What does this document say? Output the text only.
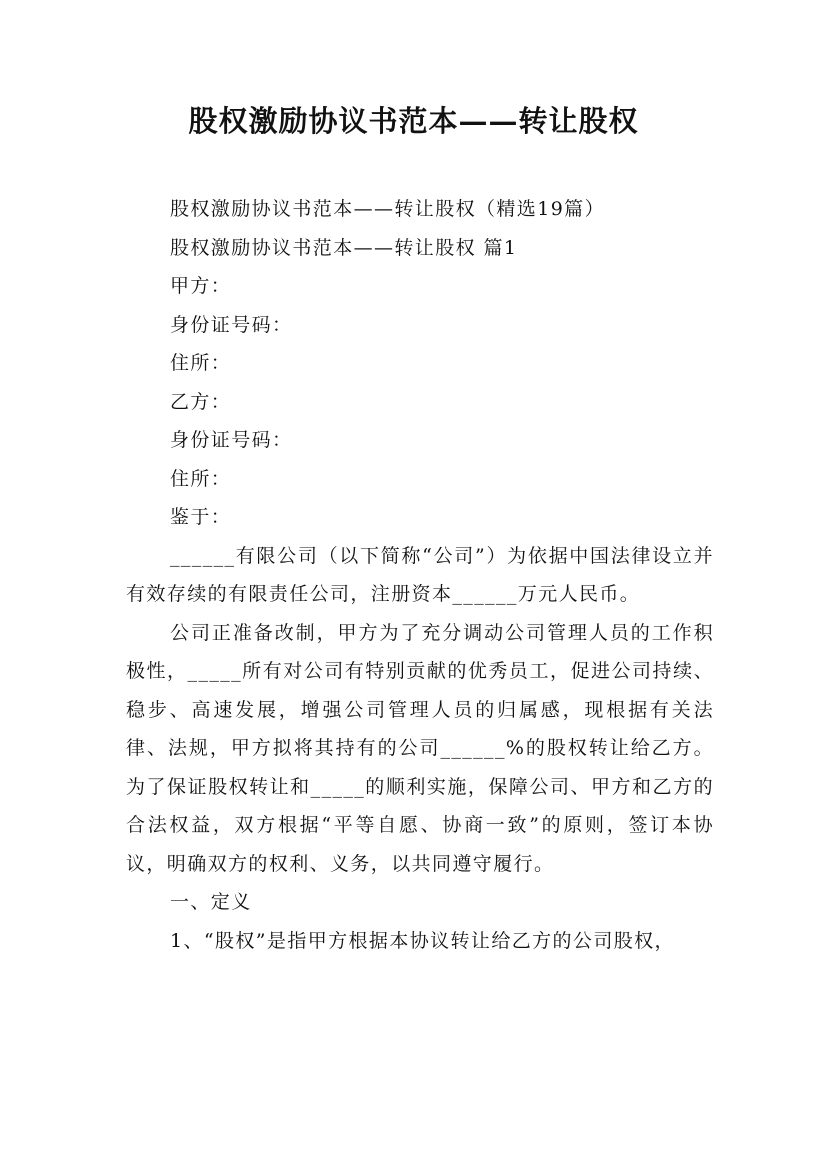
股权激励协议书范本——转让股权

股权激励协议书范本——转让股权（精选19篇）

股权激励协议书范本——转让股权 篇1

甲方：

身份证号码：

住所：

乙方：

身份证号码：

住所：

鉴于：

______有限公司（以下简称“公司”）为依据中国法律设立并有效存续的有限责任公司，注册资本______万元人民币。

公司正准备改制，甲方为了充分调动公司管理人员的工作积极性，_____所有对公司有特别贡献的优秀员工，促进公司持续、稳步、高速发展，增强公司管理人员的归属感，现根据有关法律、法规，甲方拟将其持有的公司______%的股权转让给乙方。为了保证股权转让和_____的顺利实施，保障公司、甲方和乙方的合法权益，双方根据“平等自愿、协商一致”的原则，签订本协议，明确双方的权利、义务，以共同遵守履行。

一、定义

1、“股权”是指甲方根据本协议转让给乙方的公司股权，
